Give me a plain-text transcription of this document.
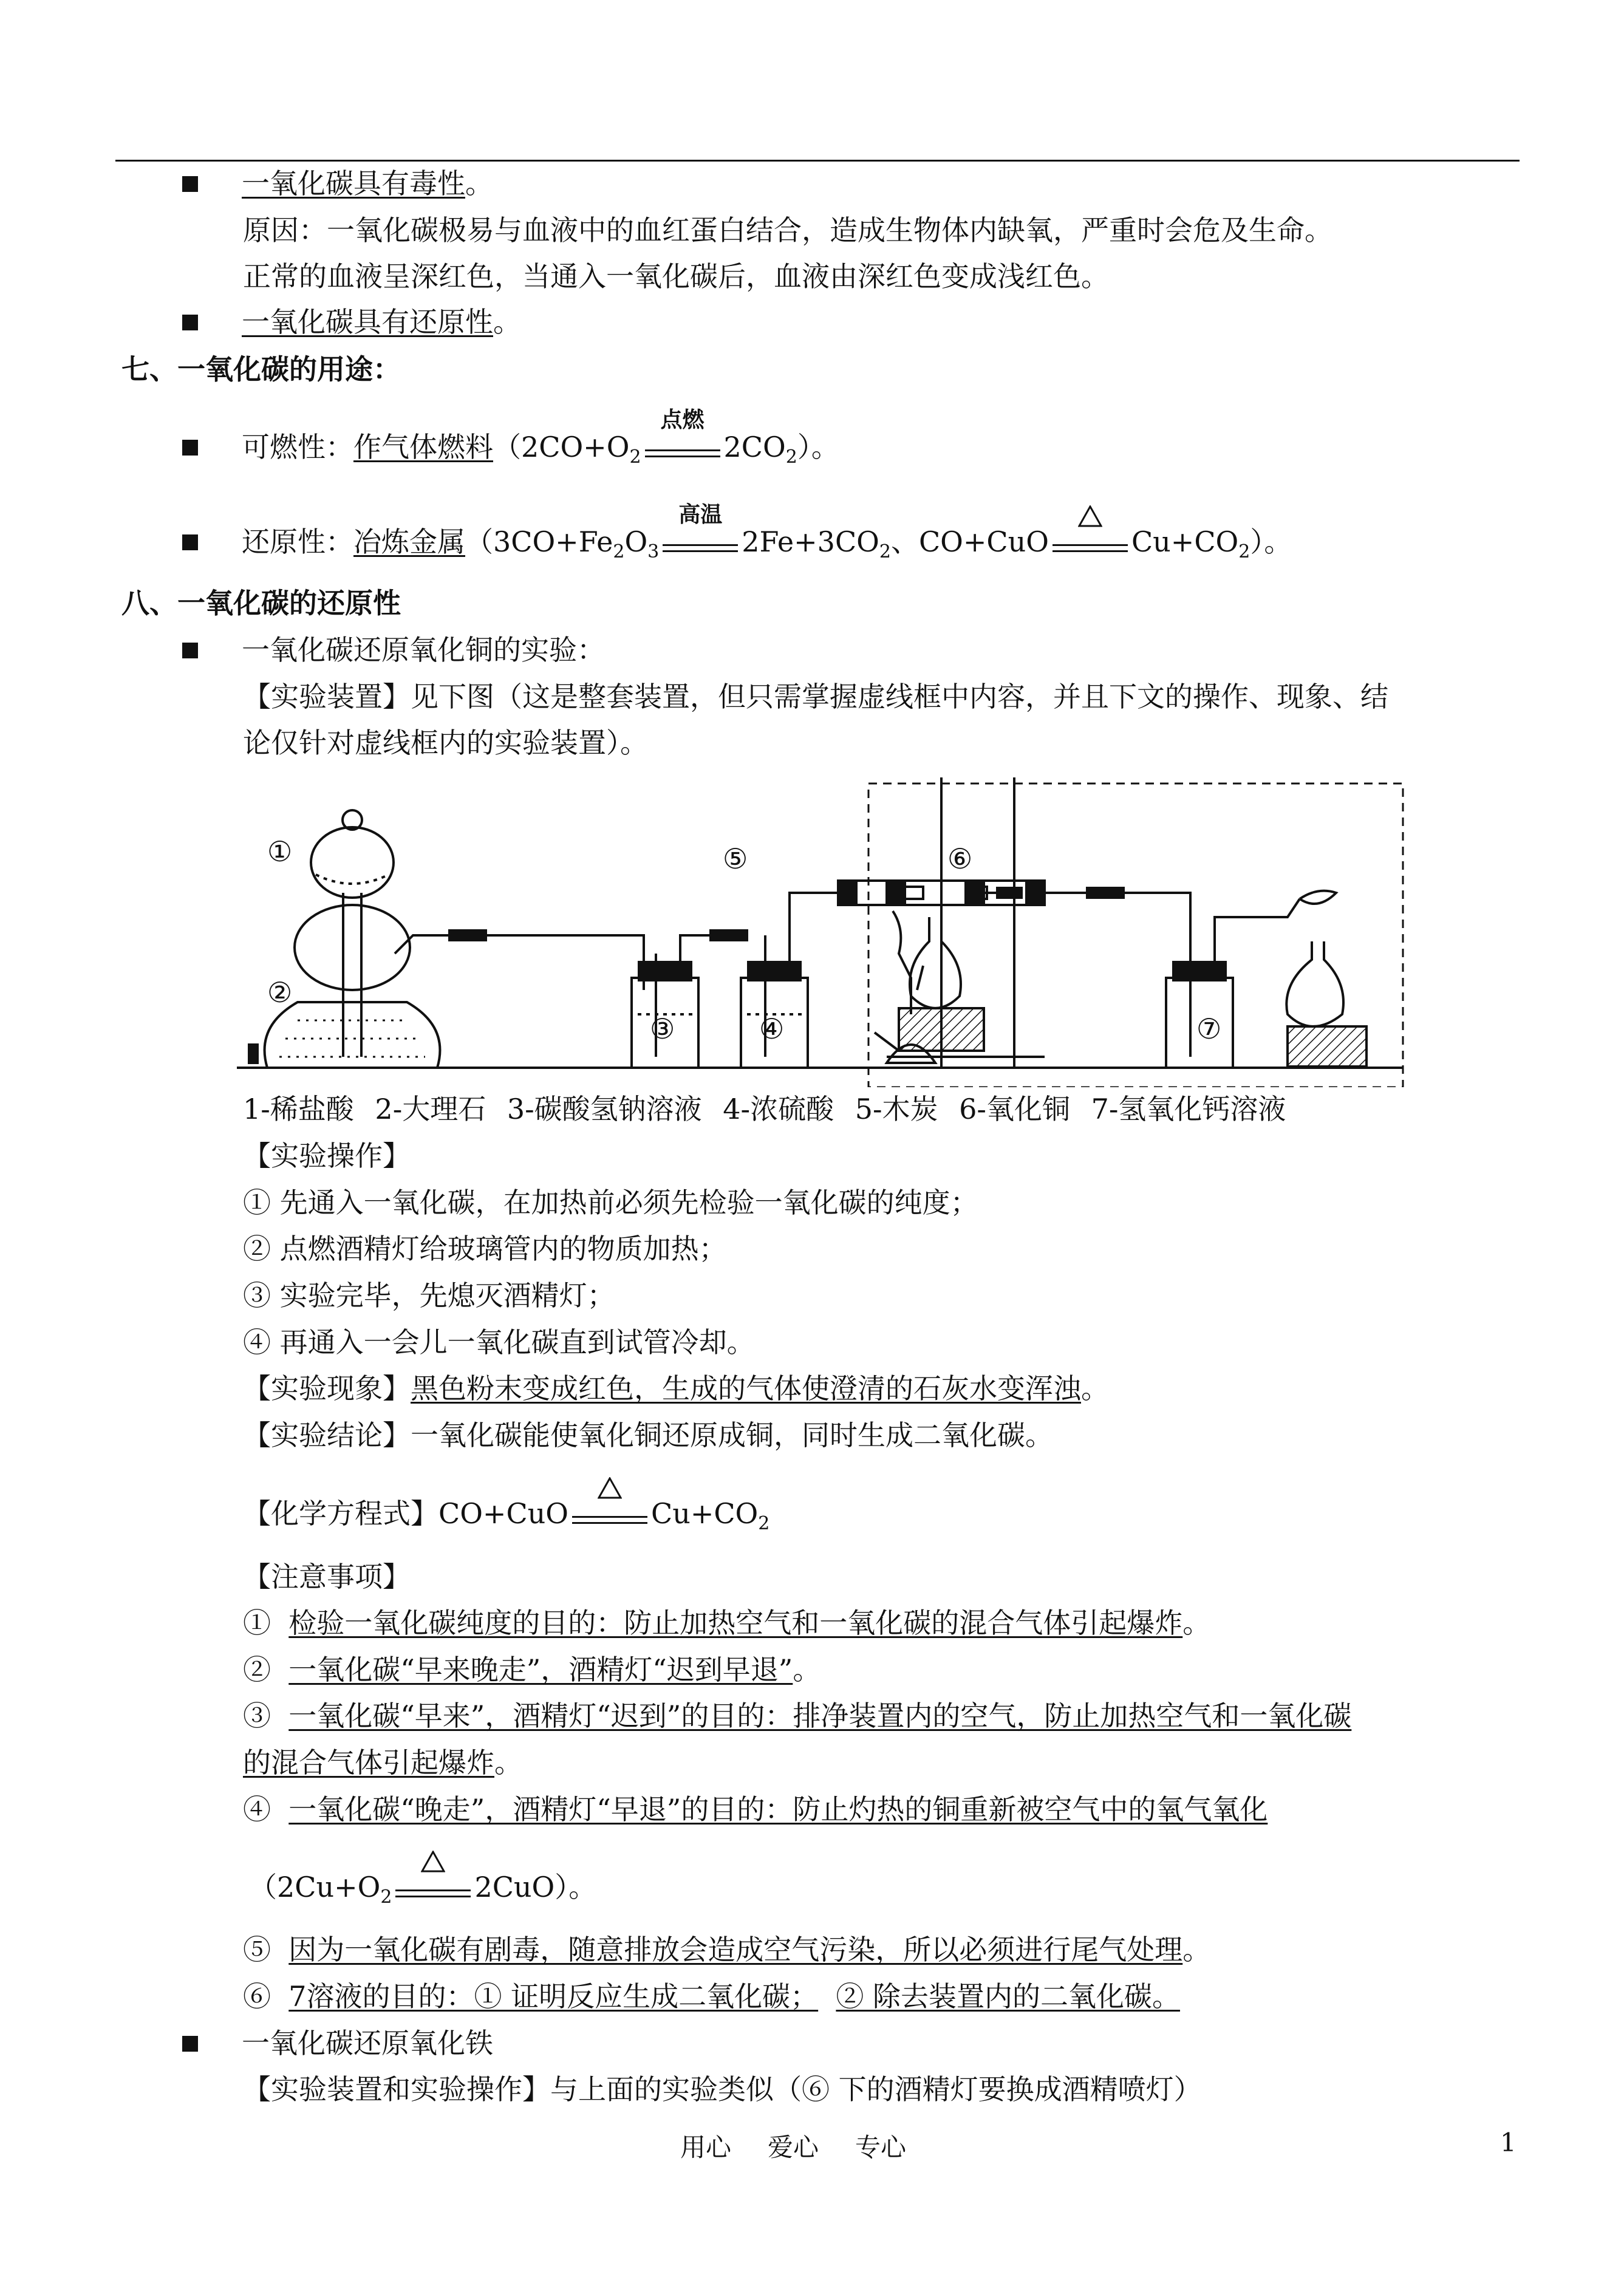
一氧化碳具有毒性。
原因：一氧化碳极易与血液中的血红蛋白结合，造成生物体内缺氧，严重时会危及生命。
正常的血液呈深红色，当通入一氧化碳后，血液由深红色变成浅红色。
一氧化碳具有还原性。
七、一氧化碳的用途：
可燃性：作气体燃料（$2CO+O_2$
点燃
$2CO_2$）。
还原性：冶炼金属（$3CO+Fe_2O_3$
高温
$2Fe+3CO_2$、CO+CuO	$Cu+CO_2$）。
八、一氧化碳的还原性
一氧化碳还原氧化铜的实验：
【实验装置】见下图（这是整套装置，但只需掌握虚线框中内容，并且下文的操作、现象、结
论仅针对虚线框内的实验装置）。
①
②
③	④
⑤	⑥
⑦
1-稀盐酸 2-大理石 3-碳酸氢钠溶液 4-浓硫酸 5-木炭 6-氧化铜 7-氢氧化钙溶液
【实验操作】
① 先通入一氧化碳，在加热前必须先检验一氧化碳的纯度；
② 点燃酒精灯给玻璃管内的物质加热；
③ 实验完毕，先熄灭酒精灯；
④ 再通入一会儿一氧化碳直到试管冷却。
【实验现象】黑色粉末变成红色，生成的气体使澄清的石灰水变浑浊。
【实验结论】一氧化碳能使氧化铜还原成铜，同时生成二氧化碳。
【化学方程式】CO+CuO	$Cu+CO_2$
【注意事项】
① 检验一氧化碳纯度的目的：防止加热空气和一氧化碳的混合气体引起爆炸。
② 一氧化碳“早来晚走”，酒精灯“迟到早退”。
③ 一氧化碳“早来”，酒精灯“迟到”的目的：排净装置内的空气，防止加热空气和一氧化碳
的混合气体引起爆炸。
④ 一氧化碳“晚走”，酒精灯“早退”的目的：防止灼热的铜重新被空气中的氧气氧化
（$2Cu+O_2$	2CuO）。
⑤ 因为一氧化碳有剧毒，随意排放会造成空气污染，所以必须进行尾气处理。
⑥ 7溶液的目的：① 证明反应生成二氧化碳； ② 除去装置内的二氧化碳。
一氧化碳还原氧化铁
【实验装置和实验操作】与上面的实验类似（⑥ 下的酒精灯要换成酒精喷灯）
用心 爱心 专心	1
